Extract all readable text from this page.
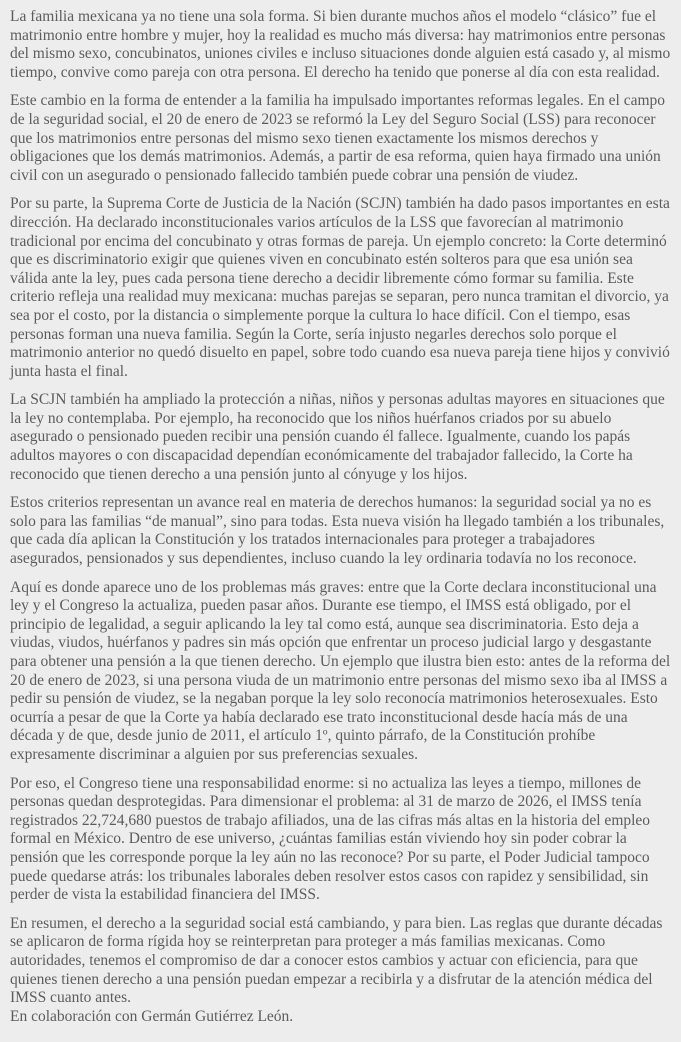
La familia mexicana ya no tiene una sola forma. Si bien durante muchos años el modelo “clásico” fue el matrimonio entre hombre y mujer, hoy la realidad es mucho más diversa: hay matrimonios entre personas del mismo sexo, concubinatos, uniones civiles e incluso situaciones donde alguien está casado y, al mismo tiempo, convive como pareja con otra persona. El derecho ha tenido que ponerse al día con esta realidad.

Este cambio en la forma de entender a la familia ha impulsado importantes reformas legales. En el campo de la seguridad social, el 20 de enero de 2023 se reformó la Ley del Seguro Social (LSS) para reconocer que los matrimonios entre personas del mismo sexo tienen exactamente los mismos derechos y obligaciones que los demás matrimonios. Además, a partir de esa reforma, quien haya firmado una unión civil con un asegurado o pensionado fallecido también puede cobrar una pensión de viudez.

Por su parte, la Suprema Corte de Justicia de la Nación (SCJN) también ha dado pasos importantes en esta dirección. Ha declarado inconstitucionales varios artículos de la LSS que favorecían al matrimonio tradicional por encima del concubinato y otras formas de pareja. Un ejemplo concreto: la Corte determinó que es discriminatorio exigir que quienes viven en concubinato estén solteros para que esa unión sea válida ante la ley, pues cada persona tiene derecho a decidir libremente cómo formar su familia. Este criterio refleja una realidad muy mexicana: muchas parejas se separan, pero nunca tramitan el divorcio, ya sea por el costo, por la distancia o simplemente porque la cultura lo hace difícil. Con el tiempo, esas personas forman una nueva familia. Según la Corte, sería injusto negarles derechos solo porque el matrimonio anterior no quedó disuelto en papel, sobre todo cuando esa nueva pareja tiene hijos y convivió junta hasta el final.

La SCJN también ha ampliado la protección a niñas, niños y personas adultas mayores en situaciones que la ley no contemplaba. Por ejemplo, ha reconocido que los niños huérfanos criados por su abuelo asegurado o pensionado pueden recibir una pensión cuando él fallece. Igualmente, cuando los papás adultos mayores o con discapacidad dependían económicamente del trabajador fallecido, la Corte ha reconocido que tienen derecho a una pensión junto al cónyuge y los hijos.

Estos criterios representan un avance real en materia de derechos humanos: la seguridad social ya no es solo para las familias “de manual”, sino para todas. Esta nueva visión ha llegado también a los tribunales, que cada día aplican la Constitución y los tratados internacionales para proteger a trabajadores asegurados, pensionados y sus dependientes, incluso cuando la ley ordinaria todavía no los reconoce.

Aquí es donde aparece uno de los problemas más graves: entre que la Corte declara inconstitucional una ley y el Congreso la actualiza, pueden pasar años. Durante ese tiempo, el IMSS está obligado, por el principio de legalidad, a seguir aplicando la ley tal como está, aunque sea discriminatoria. Esto deja a viudas, viudos, huérfanos y padres sin más opción que enfrentar un proceso judicial largo y desgastante para obtener una pensión a la que tienen derecho. Un ejemplo que ilustra bien esto: antes de la reforma del 20 de enero de 2023, si una persona viuda de un matrimonio entre personas del mismo sexo iba al IMSS a pedir su pensión de viudez, se la negaban porque la ley solo reconocía matrimonios heterosexuales. Esto ocurría a pesar de que la Corte ya había declarado ese trato inconstitucional desde hacía más de una década y de que, desde junio de 2011, el artículo 1º, quinto párrafo, de la Constitución prohíbe expresamente discriminar a alguien por sus preferencias sexuales.

Por eso, el Congreso tiene una responsabilidad enorme: si no actualiza las leyes a tiempo, millones de personas quedan desprotegidas. Para dimensionar el problema: al 31 de marzo de 2026, el IMSS tenía registrados 22,724,680 puestos de trabajo afiliados, una de las cifras más altas en la historia del empleo formal en México. Dentro de ese universo, ¿cuántas familias están viviendo hoy sin poder cobrar la pensión que les corresponde porque la ley aún no las reconoce? Por su parte, el Poder Judicial tampoco puede quedarse atrás: los tribunales laborales deben resolver estos casos con rapidez y sensibilidad, sin perder de vista la estabilidad financiera del IMSS.

En resumen, el derecho a la seguridad social está cambiando, y para bien. Las reglas que durante décadas se aplicaron de forma rígida hoy se reinterpretan para proteger a más familias mexicanas. Como autoridades, tenemos el compromiso de dar a conocer estos cambios y actuar con eficiencia, para que quienes tienen derecho a una pensión puedan empezar a recibirla y a disfrutar de la atención médica del IMSS cuanto antes.

En colaboración con Germán Gutiérrez León.
